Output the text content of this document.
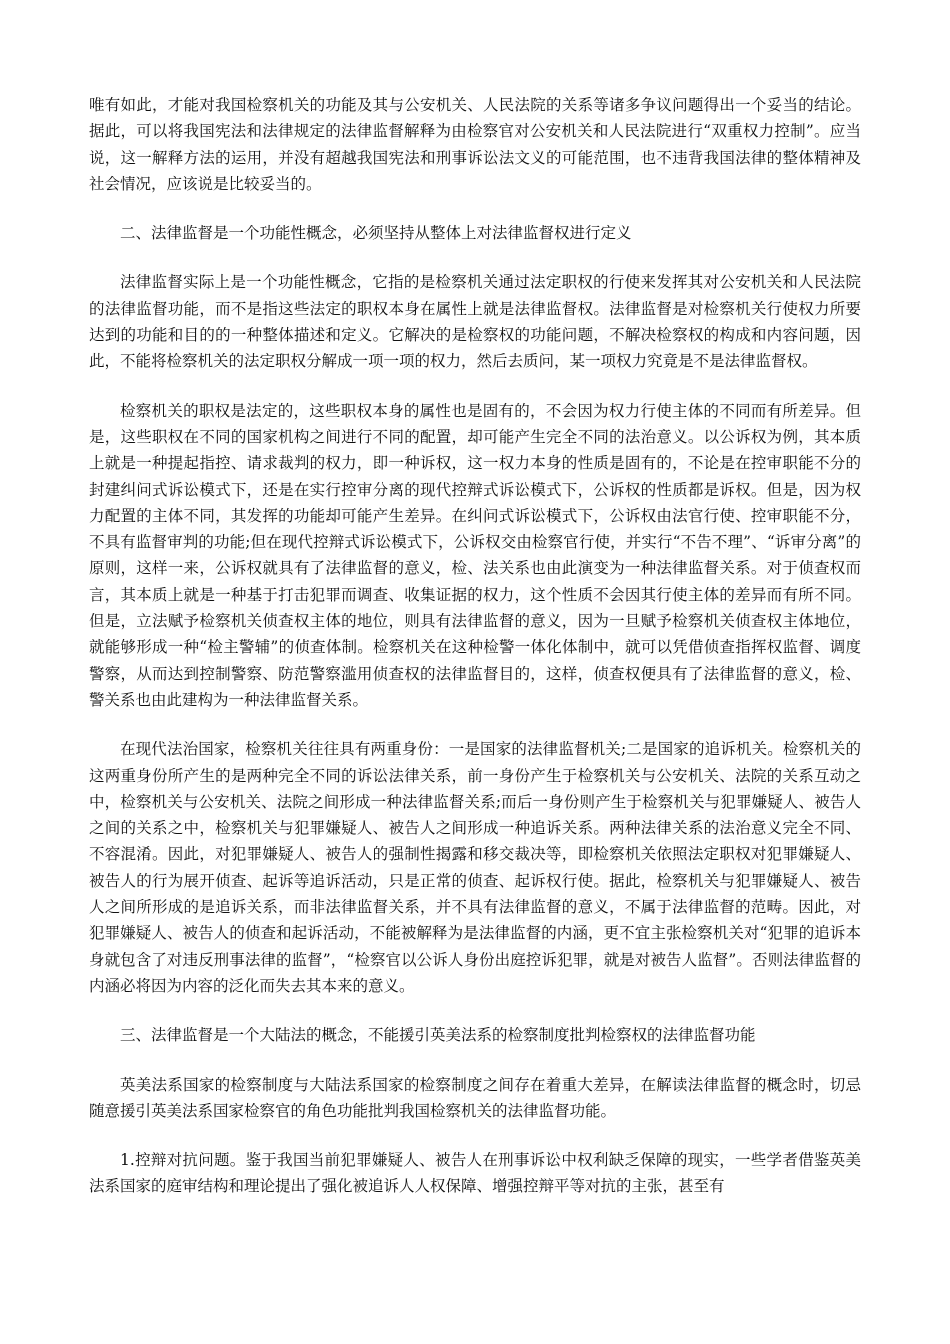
唯有如此，才能对我国检察机关的功能及其与公安机关、人民法院的关系等诸多争议问题得出一个妥当的结论。据此，可以将我国宪法和法律规定的法律监督解释为由检察官对公安机关和人民法院进行“双重权力控制”。应当说，这一解释方法的运用，并没有超越我国宪法和刑事诉讼法文义的可能范围，也不违背我国法律的整体精神及社会情况，应该说是比较妥当的。

二、法律监督是一个功能性概念，必须坚持从整体上对法律监督权进行定义

法律监督实际上是一个功能性概念，它指的是检察机关通过法定职权的行使来发挥其对公安机关和人民法院的法律监督功能，而不是指这些法定的职权本身在属性上就是法律监督权。法律监督是对检察机关行使权力所要达到的功能和目的的一种整体描述和定义。它解决的是检察权的功能问题，不解决检察权的构成和内容问题，因此，不能将检察机关的法定职权分解成一项一项的权力，然后去质问，某一项权力究竟是不是法律监督权。

检察机关的职权是法定的，这些职权本身的属性也是固有的，不会因为权力行使主体的不同而有所差异。但是，这些职权在不同的国家机构之间进行不同的配置，却可能产生完全不同的法治意义。以公诉权为例，其本质上就是一种提起指控、请求裁判的权力，即一种诉权，这一权力本身的性质是固有的，不论是在控审职能不分的封建纠问式诉讼模式下，还是在实行控审分离的现代控辩式诉讼模式下，公诉权的性质都是诉权。但是，因为权力配置的主体不同，其发挥的功能却可能产生差异。在纠问式诉讼模式下，公诉权由法官行使、控审职能不分，不具有监督审判的功能;但在现代控辩式诉讼模式下，公诉权交由检察官行使，并实行“不告不理”、“诉审分离”的原则，这样一来，公诉权就具有了法律监督的意义，检、法关系也由此演变为一种法律监督关系。对于侦查权而言，其本质上就是一种基于打击犯罪而调查、收集证据的权力，这个性质不会因其行使主体的差异而有所不同。但是，立法赋予检察机关侦查权主体的地位，则具有法律监督的意义，因为一旦赋予检察机关侦查权主体地位，就能够形成一种“检主警辅”的侦查体制。检察机关在这种检警一体化体制中，就可以凭借侦查指挥权监督、调度警察，从而达到控制警察、防范警察滥用侦查权的法律监督目的，这样，侦查权便具有了法律监督的意义，检、警关系也由此建构为一种法律监督关系。

在现代法治国家，检察机关往往具有两重身份：一是国家的法律监督机关;二是国家的追诉机关。检察机关的这两重身份所产生的是两种完全不同的诉讼法律关系，前一身份产生于检察机关与公安机关、法院的关系互动之中，检察机关与公安机关、法院之间形成一种法律监督关系;而后一身份则产生于检察机关与犯罪嫌疑人、被告人之间的关系之中，检察机关与犯罪嫌疑人、被告人之间形成一种追诉关系。两种法律关系的法治意义完全不同、不容混淆。因此，对犯罪嫌疑人、被告人的强制性揭露和移交裁决等，即检察机关依照法定职权对犯罪嫌疑人、被告人的行为展开侦查、起诉等追诉活动，只是正常的侦查、起诉权行使。据此，检察机关与犯罪嫌疑人、被告人之间所形成的是追诉关系，而非法律监督关系，并不具有法律监督的意义，不属于法律监督的范畴。因此，对犯罪嫌疑人、被告人的侦查和起诉活动，不能被解释为是法律监督的内涵，更不宜主张检察机关对“犯罪的追诉本身就包含了对违反刑事法律的监督”，“检察官以公诉人身份出庭控诉犯罪，就是对被告人监督”。否则法律监督的内涵必将因为内容的泛化而失去其本来的意义。

三、法律监督是一个大陆法的概念，不能援引英美法系的检察制度批判检察权的法律监督功能

英美法系国家的检察制度与大陆法系国家的检察制度之间存在着重大差异，在解读法律监督的概念时，切忌随意援引英美法系国家检察官的角色功能批判我国检察机关的法律监督功能。

1.控辩对抗问题。鉴于我国当前犯罪嫌疑人、被告人在刑事诉讼中权利缺乏保障的现实，一些学者借鉴英美法系国家的庭审结构和理论提出了强化被追诉人人权保障、增强控辩平等对抗的主张，甚至有
